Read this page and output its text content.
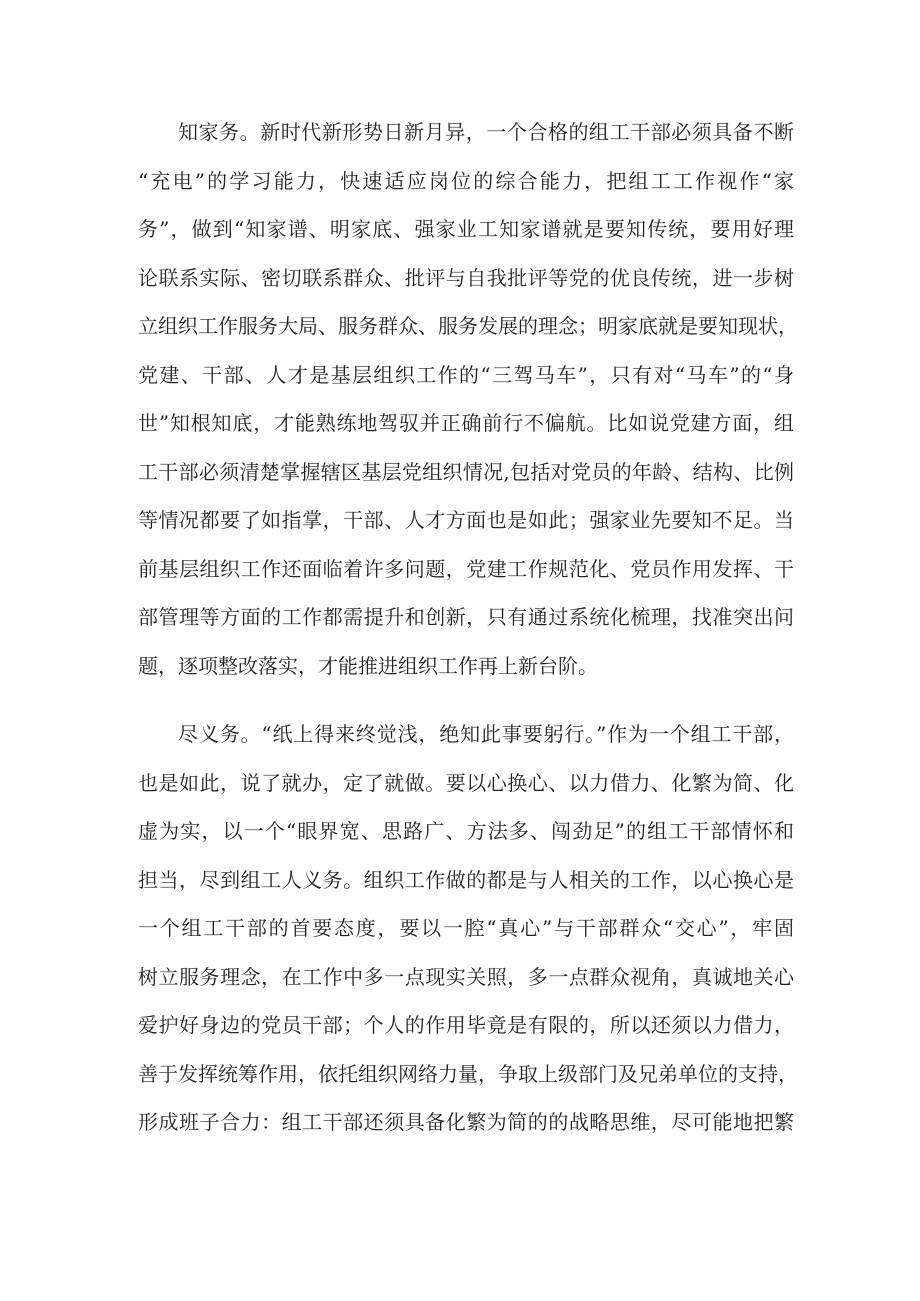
知家务。新时代新形势日新月异，一个合格的组工干部必须具备不断
“充电”的学习能力，快速适应岗位的综合能力，把组工工作视作“家
务”，做到“知家谱、明家底、强家业工知家谱就是要知传统，要用好理
论联系实际、密切联系群众、批评与自我批评等党的优良传统，进一步树
立组织工作服务大局、服务群众、服务发展的理念；明家底就是要知现状，
党建、干部、人才是基层组织工作的“三驾马车”，只有对“马车”的“身
世”知根知底，才能熟练地驾驭并正确前行不偏航。比如说党建方面，组
工干部必须清楚掌握辖区基层党组织情况,包括对党员的年龄、结构、比例
等情况都要了如指掌，干部、人才方面也是如此；强家业先要知不足。当
前基层组织工作还面临着许多问题，党建工作规范化、党员作用发挥、干
部管理等方面的工作都需提升和创新，只有通过系统化梳理，找准突出问
题，逐项整改落实，才能推进组织工作再上新台阶。
尽义务。“纸上得来终觉浅，绝知此事要躬行。”作为一个组工干部，
也是如此，说了就办，定了就做。要以心换心、以力借力、化繁为简、化
虚为实，以一个“眼界宽、思路广、方法多、闯劲足”的组工干部情怀和
担当，尽到组工人义务。组织工作做的都是与人相关的工作，以心换心是
一个组工干部的首要态度，要以一腔“真心”与干部群众“交心”，牢固
树立服务理念，在工作中多一点现实关照，多一点群众视角，真诚地关心
爱护好身边的党员干部；个人的作用毕竟是有限的，所以还须以力借力，
善于发挥统筹作用，依托组织网络力量，争取上级部门及兄弟单位的支持，
形成班子合力：组工干部还须具备化繁为简的的战略思维，尽可能地把繁
